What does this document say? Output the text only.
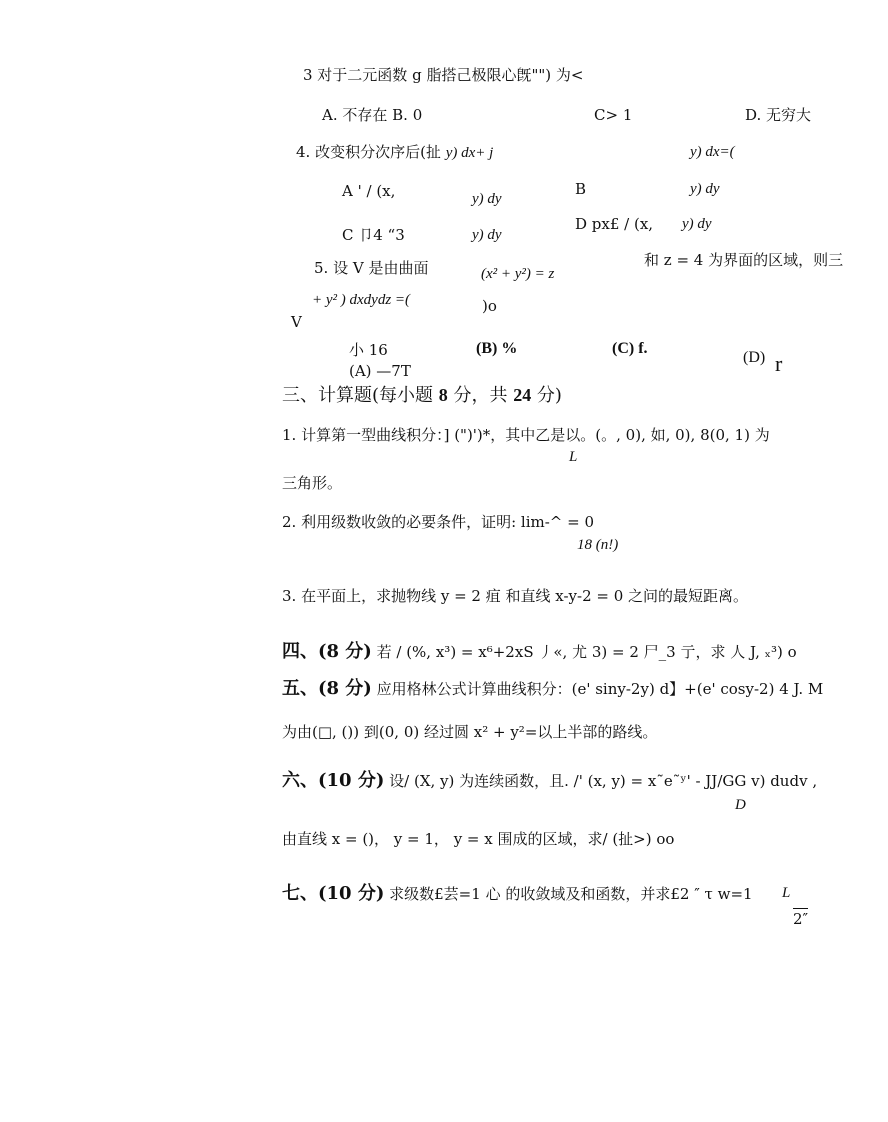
3 对于二元函数 g 脂搭己极限心旣"") 为<
A. 不存在 B. 0	C> 1	D. 无穷大
4. 改变积分次序后(扯 y) dx+ j	y) dx=(
A ' / (x,	y) dy
B	y) dy
C 卩4 “3	y) dy
D px£ / (x, y) dy
5. 设 V 是由曲面	(x² + y²) = z
和 z = 4 为界面的区域，则三
+ y² ) dxdydz =(	)o
V
小 16
(A) —7T
(B) %	(C) f.
(D) r
三、计算题(每小题 8 分，共 24 分)
1. 计算第一型曲线积分：] (")')*，其中乙是以。(。, 0), 如, 0), 8(0, 1) 为
L
三角形。
2. 利用级数收敛的必要条件，证明: lim-^ = 0
18 (n!)
3. 在平面上，求抛物线 y = 2 疽 和直线 x-y-2 = 0 之问的最短距离。
四、(8 分) 若 / (%, x³) = x⁶+2xS 丿«, 尤 3) = 2 尸_3 亍，求 人 J, ₓ³) o
五、(8 分) 应用格林公式计算曲线积分：(e' siny-2y) d】+(e' cosy-2) 4 J. M
为由(□, ()) 到(0, 0) 经过圆 x² + y²=以上半部的路线。
六、(10 分) 设/ (X, y) 为连续函数，且. /' (x, y) = x˜e˜ʸ' - JJ/GG v) dudv ,
D
由直线 x = ()， y = 1， y = x 围成的区域，求/ (扯>) oo
七、(10 分) 求级数£芸=1 心 的收敛域及和函数，并求£2 ″ τ w=1 L
2″
